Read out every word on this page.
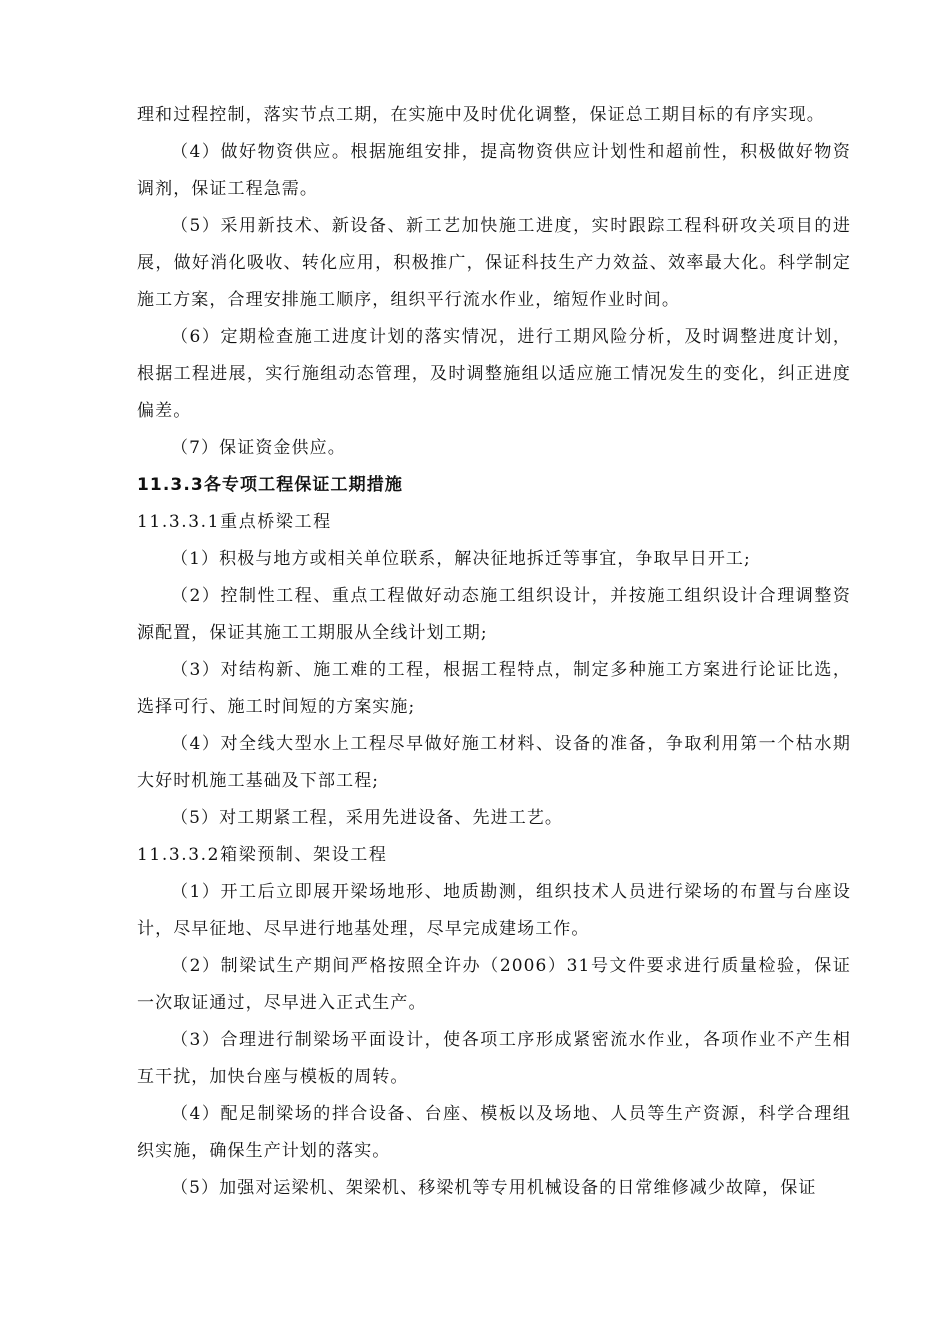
理和过程控制，落实节点工期，在实施中及时优化调整，保证总工期目标的有序实现。

（4）做好物资供应。根据施组安排，提高物资供应计划性和超前性，积极做好物资调剂，保证工程急需。

（5）采用新技术、新设备、新工艺加快施工进度，实时跟踪工程科研攻关项目的进展，做好消化吸收、转化应用，积极推广，保证科技生产力效益、效率最大化。科学制定施工方案，合理安排施工顺序，组织平行流水作业，缩短作业时间。

（6）定期检查施工进度计划的落实情况，进行工期风险分析，及时调整进度计划，根据工程进展，实行施组动态管理，及时调整施组以适应施工情况发生的变化，纠正进度偏差。

（7）保证资金供应。

11.3.3各专项工程保证工期措施

11.3.3.1重点桥梁工程

（1）积极与地方或相关单位联系，解决征地拆迁等事宜，争取早日开工;

（2）控制性工程、重点工程做好动态施工组织设计，并按施工组织设计合理调整资源配置，保证其施工工期服从全线计划工期;

（3）对结构新、施工难的工程，根据工程特点，制定多种施工方案进行论证比选，选择可行、施工时间短的方案实施;

（4）对全线大型水上工程尽早做好施工材料、设备的准备，争取利用第一个枯水期大好时机施工基础及下部工程;

（5）对工期紧工程，采用先进设备、先进工艺。

11.3.3.2箱梁预制、架设工程

（1）开工后立即展开梁场地形、地质勘测，组织技术人员进行梁场的布置与台座设计，尽早征地、尽早进行地基处理，尽早完成建场工作。

（2）制梁试生产期间严格按照全许办（2006）31号文件要求进行质量检验，保证一次取证通过，尽早进入正式生产。

（3）合理进行制梁场平面设计，使各项工序形成紧密流水作业，各项作业不产生相互干扰，加快台座与模板的周转。

（4）配足制梁场的拌合设备、台座、模板以及场地、人员等生产资源，科学合理组织实施，确保生产计划的落实。

（5）加强对运梁机、架梁机、移梁机等专用机械设备的日常维修减少故障，保证
